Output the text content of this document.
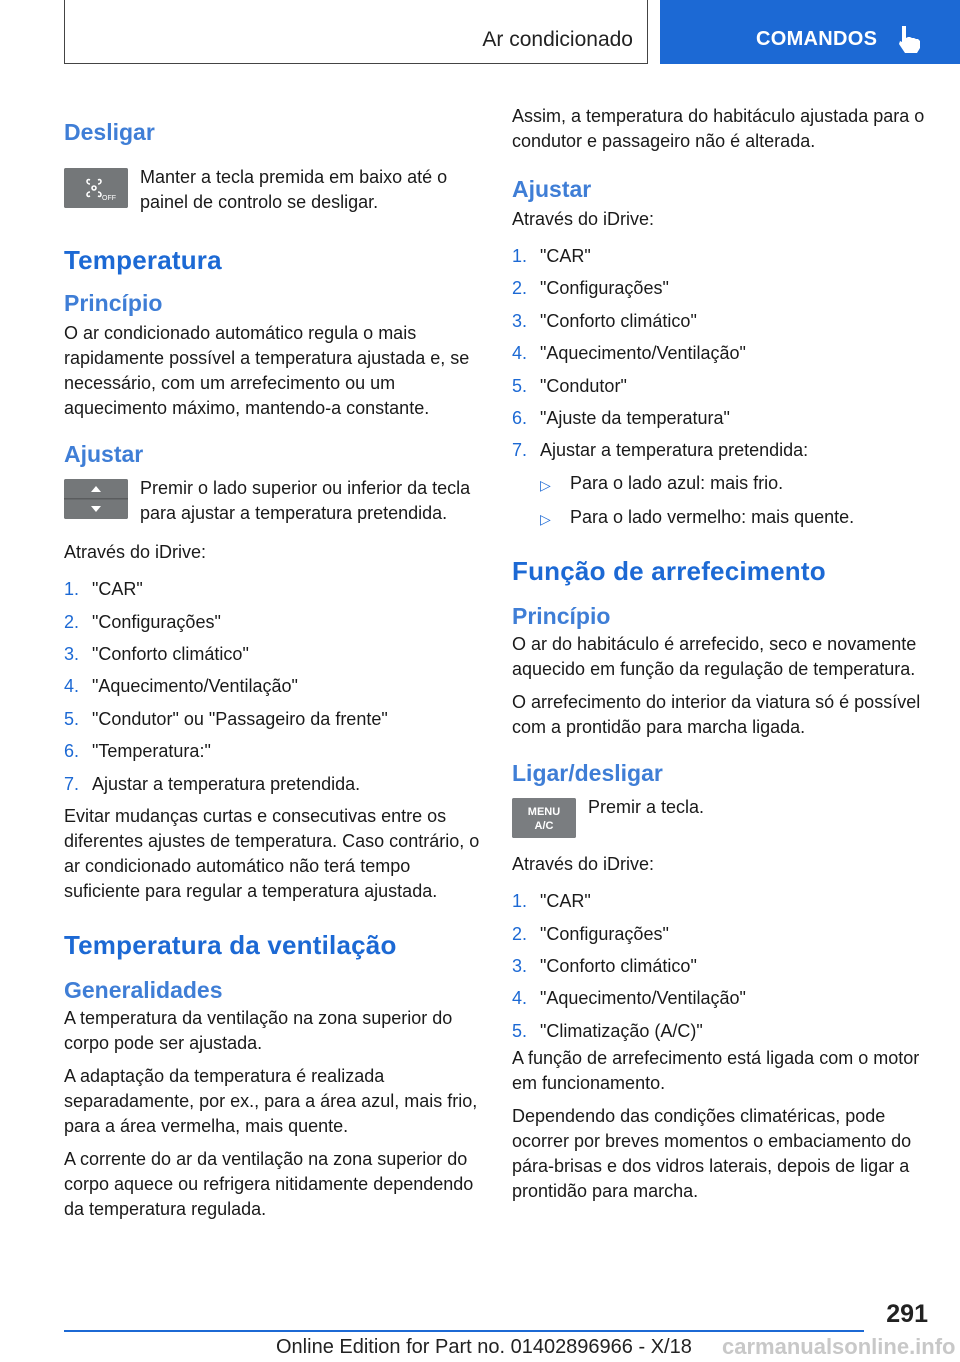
Ar condicionado	COMANDOS
Desligar
OFF

Manter a tecla premida em baixo até o painel de controlo se desligar.

Temperatura
Princípio

O ar condicionado automático regula o mais rapidamente possível a temperatura ajustada e, se necessário, com um arrefecimento ou um aquecimento máximo, mantendo-a constante.

Ajustar

Premir o lado superior ou inferior da tecla para ajustar a temperatura pretendida.

Através do iDrive:

1. "CAR"
2. "Configurações"
3. "Conforto climático"
4. "Aquecimento/Ventilação"
5. "Condutor" ou "Passageiro da frente"
6. "Temperatura:"
7. Ajustar a temperatura pretendida.

Evitar mudanças curtas e consecutivas entre os diferentes ajustes de temperatura. Caso contrário, o ar condicionado automático não terá tempo suficiente para regular a temperatura ajustada.

Temperatura da ventilação
Generalidades

A temperatura da ventilação na zona superior do corpo pode ser ajustada.

A adaptação da temperatura é realizada separadamente, por ex., para a área azul, mais frio, para a área vermelha, mais quente.

A corrente do ar da ventilação na zona superior do corpo aquece ou refrigera nitidamente dependendo da temperatura regulada.

Assim, a temperatura do habitáculo ajustada para o condutor e passageiro não é alterada.

Ajustar

Através do iDrive:

1. "CAR"
2. "Configurações"
3. "Conforto climático"
4. "Aquecimento/Ventilação"
5. "Condutor"
6. "Ajuste da temperatura"
7. Ajustar a temperatura pretendida:
▷	Para o lado azul: mais frio.
▷	Para o lado vermelho: mais quente.
Função de arrefecimento
Princípio

O ar do habitáculo é arrefecido, seco e novamente aquecido em função da regulação de temperatura.

O arrefecimento do interior da viatura só é possível com a prontidão para marcha ligada.

Ligar/desligar
MENU
A/C

Premir a tecla.

Através do iDrive:

1. "CAR"
2. "Configurações"
3. "Conforto climático"
4. "Aquecimento/Ventilação"
5. "Climatização (A/C)"

A função de arrefecimento está ligada com o motor em funcionamento.

Dependendo das condições climatéricas, pode ocorrer por breves momentos o embaciamento do pára-brisas e dos vidros laterais, depois de ligar a prontidão para marcha.

291
Online Edition for Part no. 01402896966 - X/18 carmanualsonline.info
